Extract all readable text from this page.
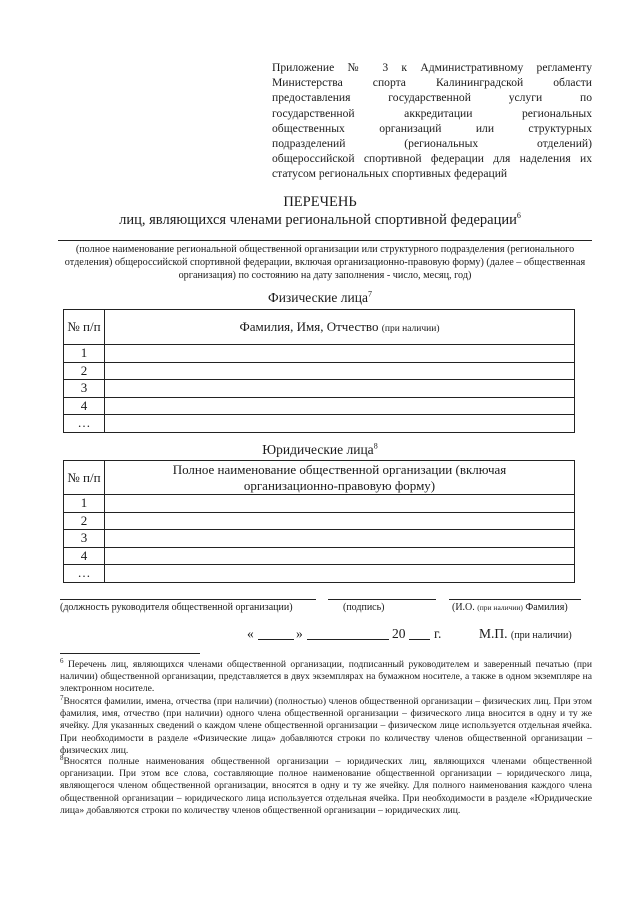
Приложение № 3 к Административному регламенту
Министерства спорта Калининградской области
предоставления государственной услуги по
государственной аккредитации региональных
общественных организаций или структурных
подразделений (региональных отделений)
общероссийской спортивной федерации для наделения их
статусом региональных спортивных федераций
ПЕРЕЧЕНЬ
лиц, являющихся членами региональной спортивной федерации$^6$
(полное наименование региональной общественной организации или структурного подразделения (регионального отделения) общероссийской спортивной федерации, включая организационно-правовую форму) (далее – общественная организация) по состоянию на дату заполнения - число, месяц, год)
Физические лица$^7$
№ п/п	Фамилия, Имя, Отчество (при наличии)
1	
2	
3	
4	
…	
Юридические лица$^8$
№ п/п	Полное наименование общественной организации (включая организационно-правовую форму)
1	
2	
3	
4	
…	
(должность руководителя общественной организации)	(подпись)	(И.О. (при наличии) Фамилия)
«	»	20 г.	М.П. (при наличии)
$^6$ Перечень лиц, являющихся членами общественной организации, подписанный руководителем и заверенный печатью (при наличии) общественной организации, представляется в двух экземплярах на бумажном носителе, а также в одном экземпляре на электронном носителе.
$^7$Вносятся фамилии, имена, отчества (при наличии) (полностью) членов общественной организации – физических лиц. При этом фамилия, имя, отчество (при наличии) одного члена общественной организации – физического лица вносится в одну и ту же ячейку. Для указанных сведений о каждом члене общественной организации – физическом лице используется отдельная ячейка. При необходимости в разделе «Физические лица» добавляются строки по количеству членов общественной организации – физических лиц.
$^8$Вносятся полные наименования общественной организации – юридических лиц, являющихся членами общественной организации. При этом все слова, составляющие полное наименование общественной организации – юридического лица, являющегося членом общественной организации, вносятся в одну и ту же ячейку. Для полного наименования каждого члена общественной организации – юридического лица используется отдельная ячейка. При необходимости в разделе «Юридические лица» добавляются строки по количеству членов общественной организации – юридических лиц.
